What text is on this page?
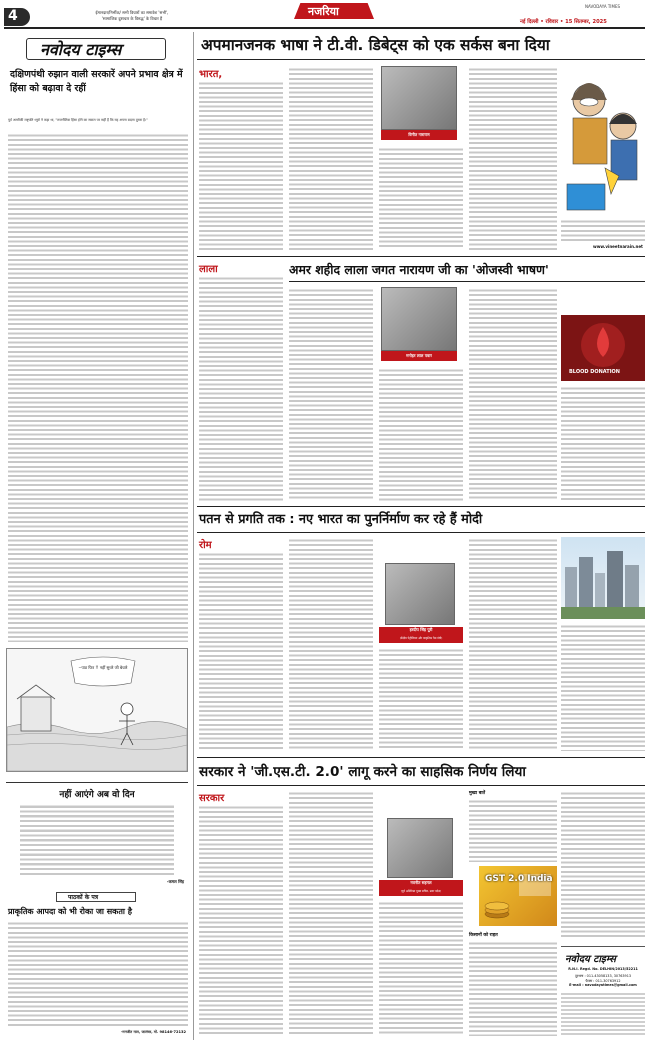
4	ईमानदार/निर्भीक/ सभी विचारों का समावेश 'सभी',
'सामाजिक दुष्टाचार के विरुद्ध' के विचार हैं
नजरिया	NAVODAYA TIMES
नई दिल्ली • रविवार • 15 सितम्बर, 2025
नवोदय टाइम्स
दक्षिणपंथी रुझान वाली सरकारें अपने प्रभाव क्षेत्र में हिंसा को बढ़ावा दे रहीं
पूर्व अमरीकी राष्ट्रपति थ्यूरो ने कहा था, "राजनीतिक हिंसा होने का सवाल पर सहीं हैं कि यह अपना बदला दूसरा है।"
--पाठ फिर !! नहीं सुधरे जी बेचारे
नहीं आएंगे अब वो दिन
-कमल सिंह
पाठकों के पत्र
प्राकृतिक आपदा को भी रोका जा सकता है
-मनजीत गाल, जालंधर, मो. 98146-72132
अपमानजनक भाषा ने टी.वी. डिबेट्स को एक सर्कस बना दिया
भारत,
विनीत नारायण
www.vineetnarain.net
लाला	अमर शहीद लाला जगत नारायण जी का 'ओजस्वी भाषण'
मनोहर लाल पवार
BLOOD DONATION
पतन से प्रगति तक : नए भारत का पुनर्निर्माण कर रहे हैं मोदी
रोम
हरदीप सिंह पुरी
(केंद्रीय पेट्रोलियम और प्राकृतिक गैस मंत्री)
सरकार ने 'जी.एस.टी. 2.0' लागू करने का साहसिक निर्णय लिया
सरकार
नवनीत सहगल
(पूर्व अतिरिक्त मुख्य सचिव, उत्तर प्रदेश)
मुख्य बातें
GST 2.0 India
किसानों को राहत
नवोदय टाइम्स
R.N.I. Regd. No. DELHIN/2013/52211
दूरभाष : 011-43058133, 30763913
फैक्स : 011-30763912
E-mail : navodayatimes@gmail.com
